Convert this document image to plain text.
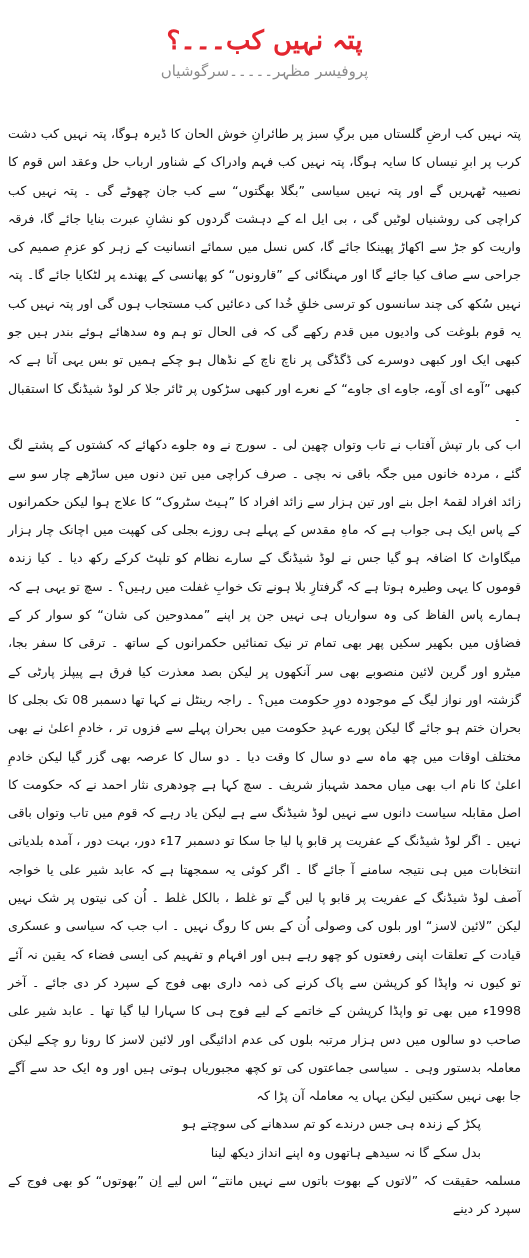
پتہ نہیں کب۔۔۔؟
پروفیسر مظہر۔۔۔۔۔سرگوشیاں

پتہ نہیں کب ارضِ گلستاں میں برگِ سبز پر طائرانِ خوش الحان کا ڈیرہ ہوگا، پتہ نہیں کب دشت کرب پر ابرِ نیساں کا سایہ ہوگا، پتہ نہیں کب فہم وادراک کے شناور ارباب حل وعقد اس قوم کا نصیبہ ٹھہریں گے اور پتہ نہیں سیاسی ”بگلا بھگتوں“ سے کب جان چھوٹے گی ۔ پتہ نہیں کب کراچی کی روشنیاں لوٹیں گی ، بی ایل اے کے دہشت گردوں کو نشانِ عبرت بنایا جائے گا، فرقہ واریت کو جڑ سے اکھاڑ پھینکا جائے گا، کس نسل میں سمائے انسانیت کے زہر کو عزمِ صمیم کی جراحی سے صاف کیا جائے گا اور مہنگائی کے ”قارونوں“ کو پھانسی کے پھندے پر لٹکایا جائے گا۔ پتہ نہیں سُکھ کی چند سانسوں کو ترسی خلقِ خُدا کی دعائیں کب مستجاب ہوں گی اور پتہ نہیں کب یہ قوم بلوغت کی وادیوں میں قدم رکھے گی کہ فی الحال تو ہم وہ سدھائے ہوئے بندر ہیں جو کبھی ایک اور کبھی دوسرے کی ڈگڈگی پر ناچ ناچ کے نڈھال ہو چکے ہمیں تو بس یہی آتا ہے کہ کبھی ”آوے ای آوے، جاوے ای جاوے“ کے نعرے اور کبھی سڑکوں پر ٹائر جلا کر لوڈ شیڈنگ کا استقبال ۔

اب کی بار تپش آفتاب نے تاب وتواں چھین لی ۔ سورج نے وہ جلوے دکھائے کہ کشتوں کے پشتے لگ گئے ، مردہ خانوں میں جگہ باقی نہ بچی ۔ صرف کراچی میں تین دنوں میں ساڑھے چار سو سے زائد افراد لقمۂ اجل بنے اور تین ہزار سے زائد افراد کا ”ہیٹ سٹروک“ کا علاج ہوا لیکن حکمرانوں کے پاس ایک ہی جواب ہے کہ ماہِ مقدس کے پہلے ہی روزے بجلی کی کھپت میں اچانک چار ہزار میگاواٹ کا اضافہ ہو گیا جس نے لوڈ شیڈنگ کے سارے نظام کو تلپٹ کرکے رکھ دیا ۔ کیا زندہ قوموں کا یہی وطیرہ ہوتا ہے کہ گرفتارِ بلا ہونے تک خوابِ غفلت میں رہیں؟ ۔ سچ تو یہی ہے کہ ہمارے پاس الفاظ کی وہ سواریاں ہی نہیں جن پر اپنے ”ممدوحین کی شان“ کو سوار کر کے فضاؤں میں بکھیر سکیں پھر بھی تمام تر نیک تمنائیں حکمرانوں کے ساتھ ۔ ترقی کا سفر بجا، میٹرو اور گرین لائین منصوبے بھی سر آنکھوں پر لیکن بصد معذرت کیا فرق ہے پیپلز پارٹی کے گزشتہ اور نواز لیگ کے موجودہ دورِ حکومت میں؟ ۔ راجہ رینٹل نے کہا تھا دسمبر 08 تک بجلی کا بحران ختم ہو جائے گا لیکن پورے عہدِ حکومت میں بحران پہلے سے فزوں تر ، خادمِ اعلیٰ نے بھی مختلف اوقات میں چھ ماہ سے دو سال کا وقت دیا ۔ دو سال کا عرصہ بھی گزر گیا لیکن خادمِ اعلیٰ کا نام اب بھی میاں محمد شہباز شریف ۔ سچ کہا ہے چودھری نثار احمد نے کہ حکومت کا اصل مقابلہ سیاست دانوں سے نہیں لوڈ شیڈنگ سے ہے لیکن یاد رہے کہ قوم میں تاب وتواں باقی نہیں ۔ اگر لوڈ شیڈنگ کے عفریت پر قابو پا لیا جا سکا تو دسمبر 17ء دور، بہت دور ، آمدہ بلدیاتی انتخابات میں ہی نتیجہ سامنے آ جائے گا ۔ اگر کوئی یہ سمجھتا ہے کہ عابد شیر علی یا خواجہ آصف لوڈ شیڈنگ کے عفریت پر قابو پا لیں گے تو غلط ، بالکل غلط ۔ اُن کی نیتوں پر شک نہیں لیکن ”لائین لاسز“ اور بلوں کی وصولی اُن کے بس کا روگ نہیں ۔ اب جب کہ سیاسی و عسکری قیادت کے تعلقات اپنی رفعتوں کو چھو رہے ہیں اور افہام و تفہیم کی ایسی فضاء کہ یقین نہ آئے تو کیوں نہ واپڈا کو کرپشن سے پاک کرنے کی ذمہ داری بھی فوج کے سپرد کر دی جائے ۔ آخر 1998ء میں بھی تو واپڈا کرپشن کے خاتمے کے لیے فوج ہی کا سہارا لیا گیا تھا ۔ عابد شیر علی صاحب دو سالوں میں دس ہزار مرتبہ بلوں کی عدم ادائیگی اور لائین لاسز کا رونا رو چکے لیکن معاملہ بدستور وہی ۔ سیاسی جماعتوں کی تو کچھ مجبوریاں ہوتی ہیں اور وہ ایک حد سے آگے جا بھی نہیں سکتیں لیکن یہاں یہ معاملہ آن پڑا کہ

پکڑ کے زندہ ہی جس درندے کو تم سدھانے کی سوچتے ہو
بدل سکے گا نہ سیدھے ہاتھوں وہ اپنے انداز دیکھ لینا

مسلمہ حقیقت کہ ”لاتوں کے بھوت باتوں سے نہیں مانتے“ اس لیے اِن ”بھوتوں“ کو بھی فوج کے سپرد کر دینے
